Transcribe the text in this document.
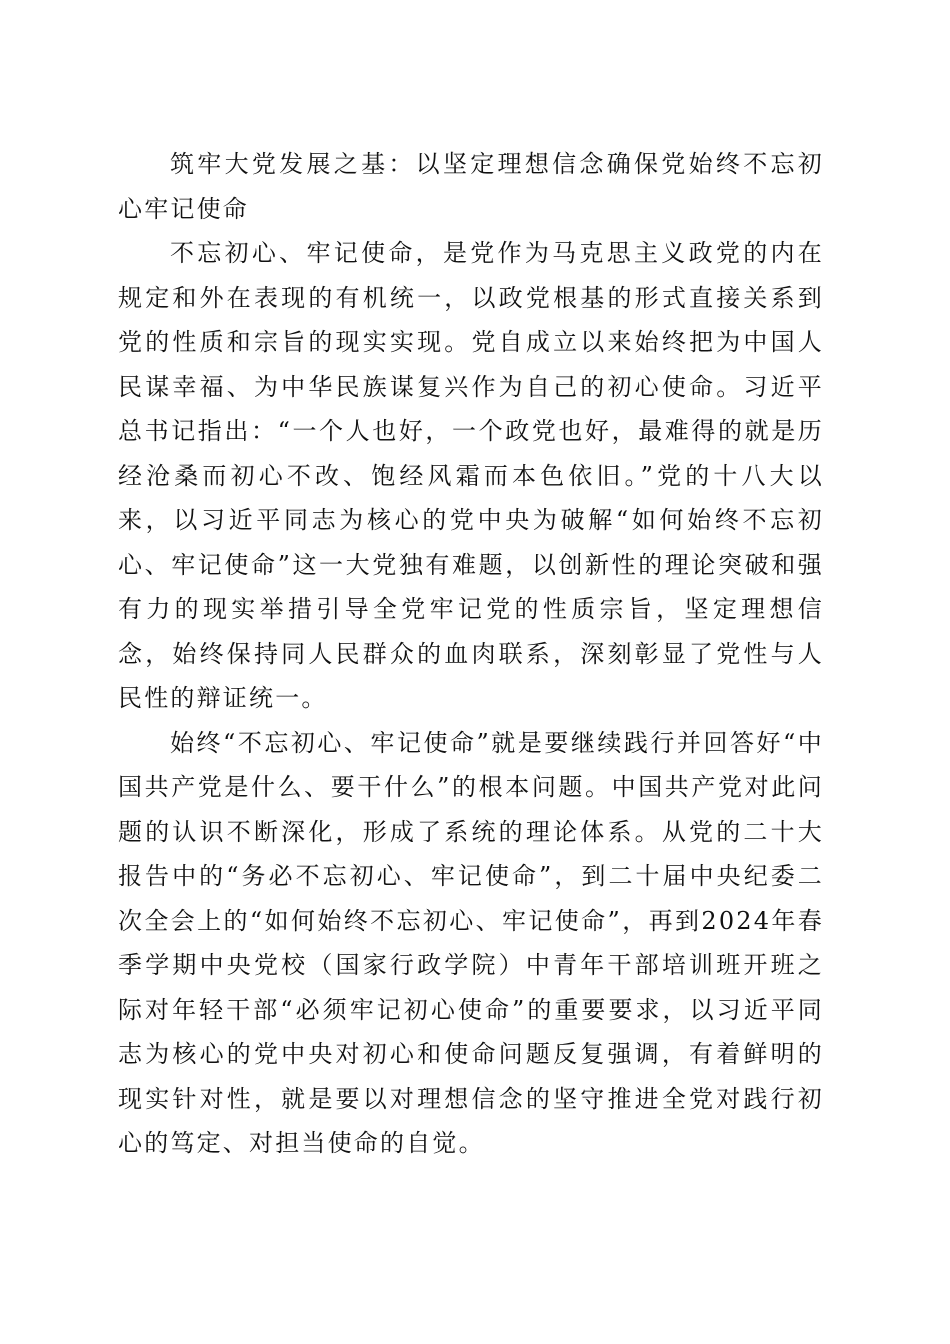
筑牢大党发展之基：以坚定理想信念确保党始终不忘初心牢记使命

不忘初心、牢记使命，是党作为马克思主义政党的内在规定和外在表现的有机统一，以政党根基的形式直接关系到党的性质和宗旨的现实实现。党自成立以来始终把为中国人民谋幸福、为中华民族谋复兴作为自己的初心使命。习近平总书记指出：“一个人也好，一个政党也好，最难得的就是历经沧桑而初心不改、饱经风霜而本色依旧。”党的十八大以来，以习近平同志为核心的党中央为破解“如何始终不忘初心、牢记使命”这一大党独有难题，以创新性的理论突破和强有力的现实举措引导全党牢记党的性质宗旨，坚定理想信念，始终保持同人民群众的血肉联系，深刻彰显了党性与人民性的辩证统一。

始终“不忘初心、牢记使命”就是要继续践行并回答好“中国共产党是什么、要干什么”的根本问题。中国共产党对此问题的认识不断深化，形成了系统的理论体系。从党的二十大报告中的“务必不忘初心、牢记使命”，到二十届中央纪委二次全会上的“如何始终不忘初心、牢记使命”，再到2024年春季学期中央党校（国家行政学院）中青年干部培训班开班之际对年轻干部“必须牢记初心使命”的重要要求，以习近平同志为核心的党中央对初心和使命问题反复强调，有着鲜明的现实针对性，就是要以对理想信念的坚守推进全党对践行初心的笃定、对担当使命的自觉。
